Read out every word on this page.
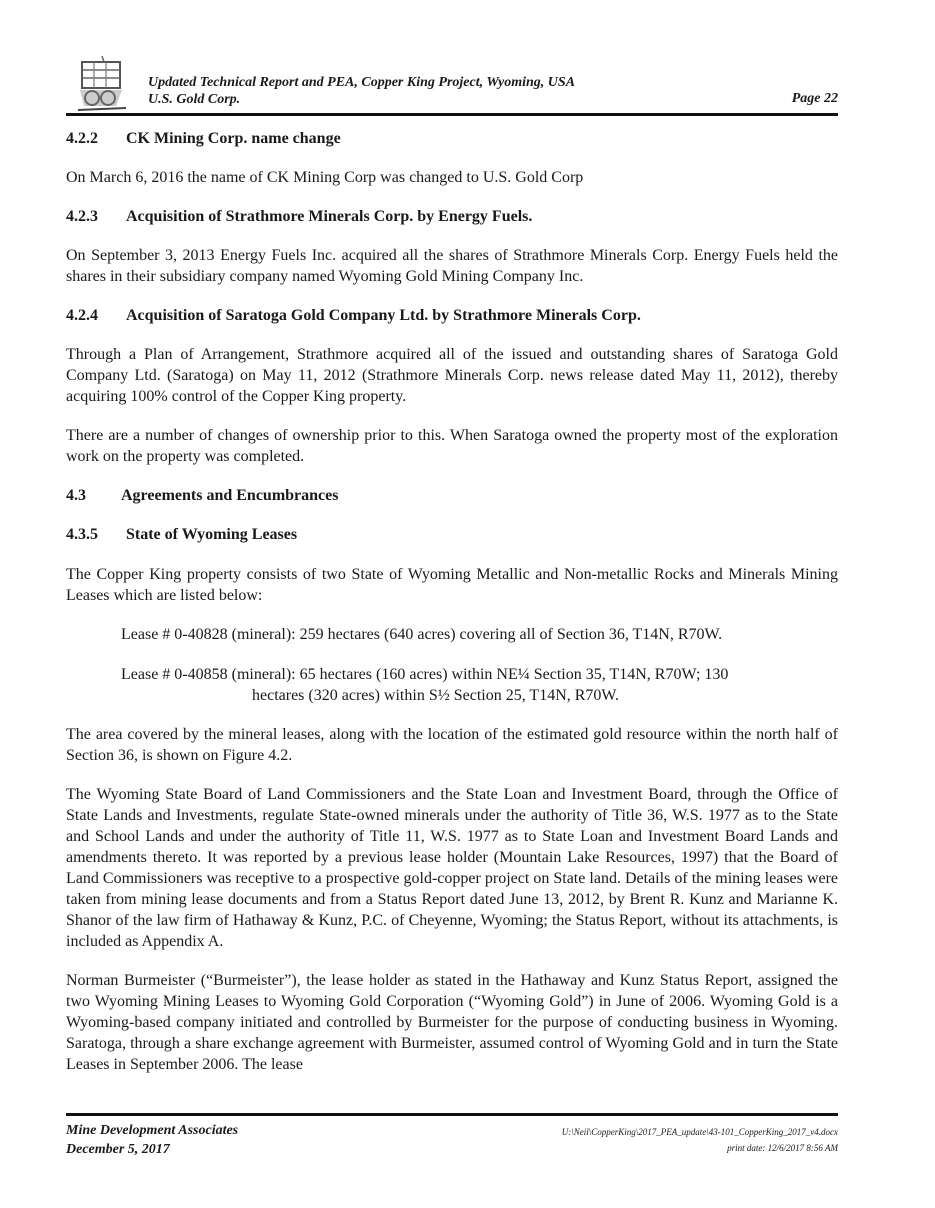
Updated Technical Report and PEA, Copper King Project, Wyoming, USA
U.S. Gold Corp.	Page 22
4.2.2 CK Mining Corp. name change

On March 6, 2016 the name of CK Mining Corp was changed to U.S. Gold Corp

4.2.3 Acquisition of Strathmore Minerals Corp. by Energy Fuels.

On September 3, 2013 Energy Fuels Inc. acquired all the shares of Strathmore Minerals Corp. Energy Fuels held the shares in their subsidiary company named Wyoming Gold Mining Company Inc.

4.2.4 Acquisition of Saratoga Gold Company Ltd. by Strathmore Minerals Corp.

Through a Plan of Arrangement, Strathmore acquired all of the issued and outstanding shares of Saratoga Gold Company Ltd. (Saratoga) on May 11, 2012 (Strathmore Minerals Corp. news release dated May 11, 2012), thereby acquiring 100% control of the Copper King property.

There are a number of changes of ownership prior to this. When Saratoga owned the property most of the exploration work on the property was completed.

4.3 Agreements and Encumbrances
4.3.5 State of Wyoming Leases

The Copper King property consists of two State of Wyoming Metallic and Non-metallic Rocks and Minerals Mining Leases which are listed below:

Lease # 0-40828 (mineral): 259 hectares (640 acres) covering all of Section 36, T14N, R70W.
Lease # 0-40858 (mineral): 65 hectares (160 acres) within NE¼ Section 35, T14N, R70W; 130
hectares (320 acres) within S½ Section 25, T14N, R70W.

The area covered by the mineral leases, along with the location of the estimated gold resource within the north half of Section 36, is shown on Figure 4.2.

The Wyoming State Board of Land Commissioners and the State Loan and Investment Board, through the Office of State Lands and Investments, regulate State-owned minerals under the authority of Title 36, W.S. 1977 as to the State and School Lands and under the authority of Title 11, W.S. 1977 as to State Loan and Investment Board Lands and amendments thereto. It was reported by a previous lease holder (Mountain Lake Resources, 1997) that the Board of Land Commissioners was receptive to a prospective gold-copper project on State land. Details of the mining leases were taken from mining lease documents and from a Status Report dated June 13, 2012, by Brent R. Kunz and Marianne K. Shanor of the law firm of Hathaway & Kunz, P.C. of Cheyenne, Wyoming; the Status Report, without its attachments, is included as Appendix A.

Norman Burmeister (“Burmeister”), the lease holder as stated in the Hathaway and Kunz Status Report, assigned the two Wyoming Mining Leases to Wyoming Gold Corporation (“Wyoming Gold”) in June of 2006. Wyoming Gold is a Wyoming-based company initiated and controlled by Burmeister for the purpose of conducting business in Wyoming. Saratoga, through a share exchange agreement with Burmeister, assumed control of Wyoming Gold and in turn the State Leases in September 2006. The lease

Mine Development Associates
December 5, 2017
U:\Neil\CopperKing\2017_PEA_update\43-101_CopperKing_2017_v4.docx
print date: 12/6/2017 8:56 AM
